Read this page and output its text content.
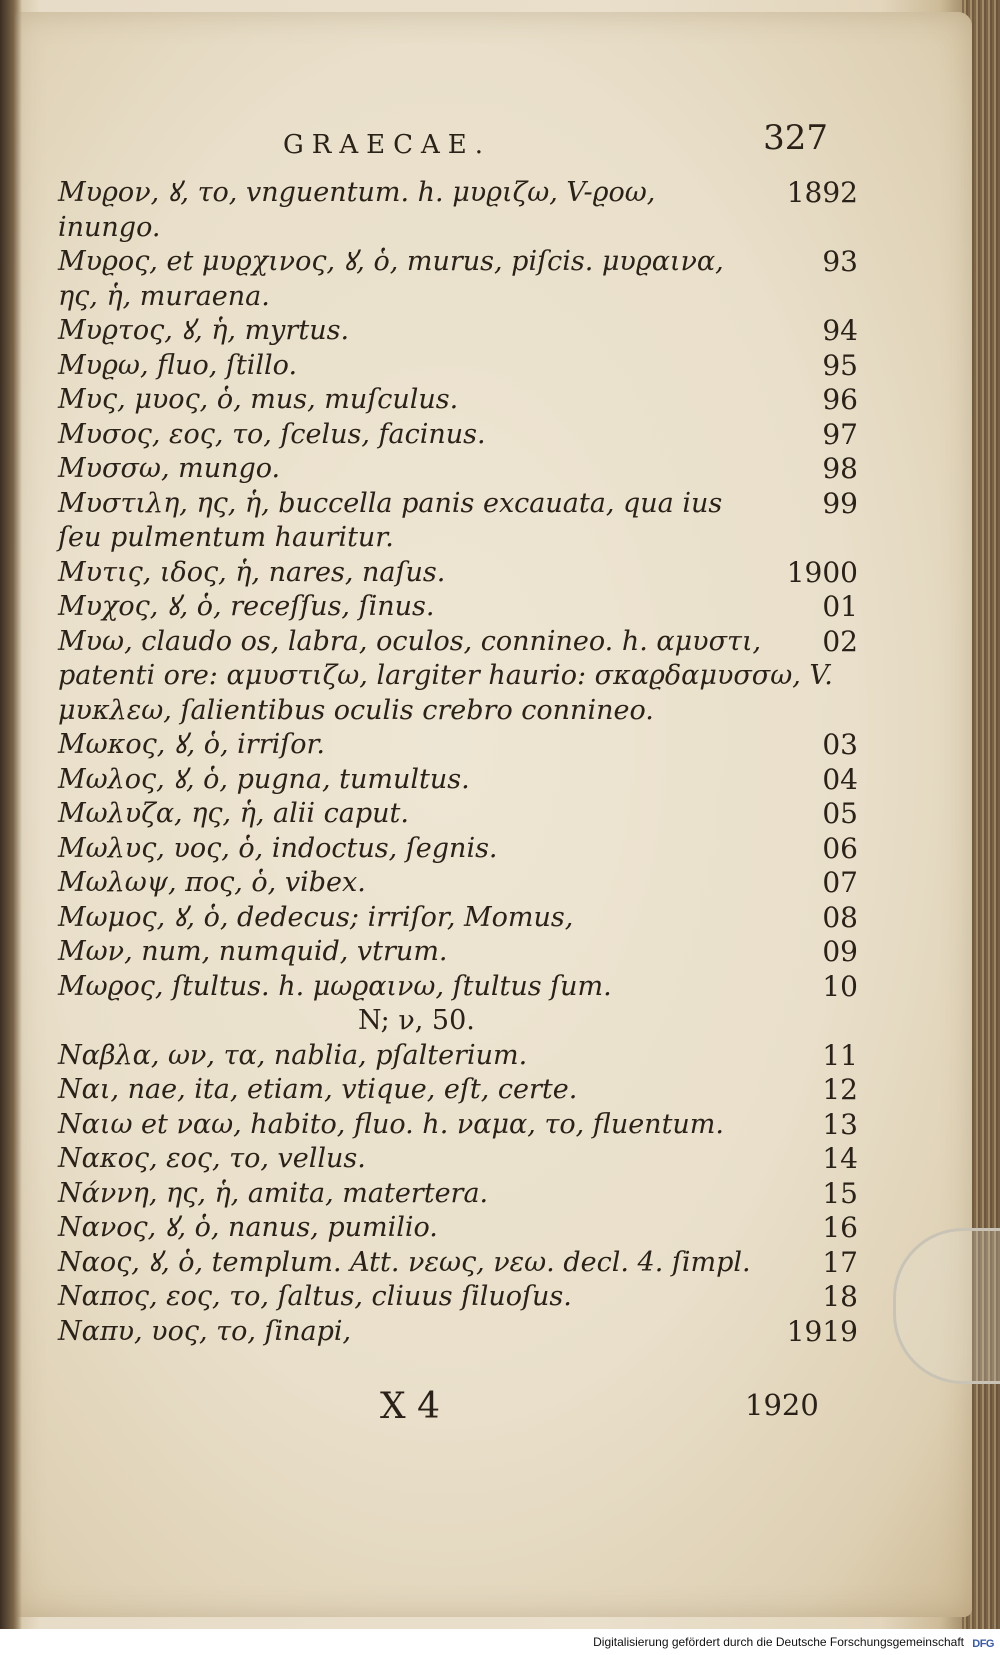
GRAECAE.	327
Μυϱον, ꙋ, το, vnguentum. h. μυϱιζω, V-ϱοω,	1892
inungo.
Μυϱος, et μυϱχινος, ꙋ, ὁ, murus, piſcis. μυϱαινα,	93
ης, ἡ, muraena.
Μυϱτος, ꙋ, ἡ, myrtus.	94
Μυϱω, fluo, ſtillo.	95
Μυς, μυος, ὁ, mus, muſculus.	96
Μυσος, εος, το, ſcelus, facinus.	97
Μυσσω, mungo.	98
Μυστιλη, ης, ἡ, buccella panis excauata, qua ius	99
ſeu pulmentum hauritur.
Μυτις, ιδος, ἡ, nares, naſus.	1900
Μυχος, ꙋ, ὁ, receſſus, ſinus.	01
Μυω, claudo os, labra, oculos, connineo. h. αμυστι, 02
patenti ore: αμυστιζω, largiter haurio: σκαϱδαμυσσω, V.
μυκλεω, ſalientibus oculis crebro connineo.
Μωκος, ꙋ, ὁ, irriſor.	03
Μωλος, ꙋ, ὁ, pugna, tumultus.	04
Μωλυζα, ης, ἡ, alii caput.	05
Μωλυς, υος, ὁ, indoctus, ſegnis.	06
Μωλωψ, πος, ὁ, vibex.	07
Μωμος, ꙋ, ὁ, dedecus; irriſor, Momus,	08
Μων, num, numquid, vtrum.	09
Μωϱος, ſtultus. h. μωϱαινω, ſtultus ſum.	10
N; ν, 50.
Ναβλα, ων, τα, nablia, pſalterium.	11
Ναι, nae, ita, etiam, vtique, eſt, certe.	12
Ναιω et ναω, habito, fluo. h. ναμα, το, fluentum.	13
Νακος, εος, το, vellus.	14
Νάννη, ης, ἡ, amita, matertera.	15
Νανος, ꙋ, ὁ, nanus, pumilio.	16
Ναος, ꙋ, ὁ, templum. Att. νεως, νεω. decl. 4. ſimpl.	17
Ναπος, εος, το, ſaltus, cliuus ſiluoſus.	18
Ναπυ, υος, το, ſinapi,	1919
X 4	1920
Digitalisierung gefördert durch die Deutsche Forschungsgemeinschaft DFG
